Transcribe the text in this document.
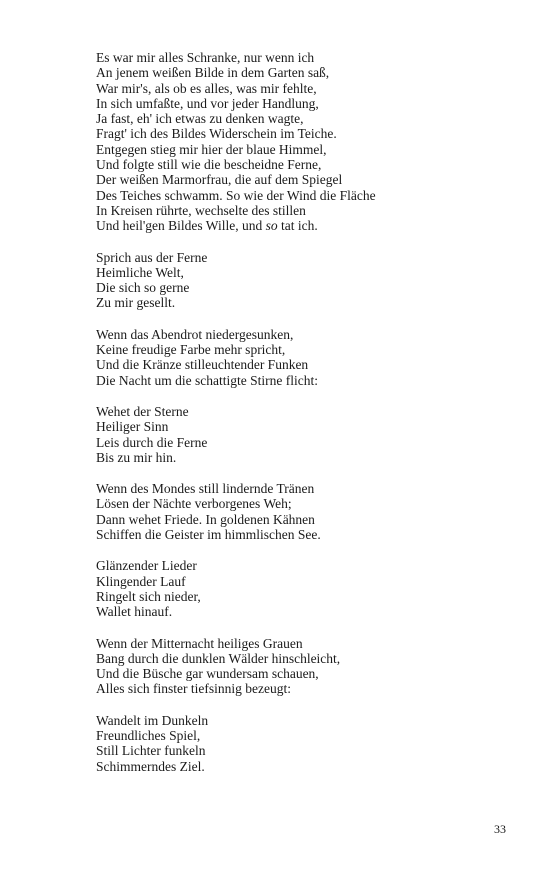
Es war mir alles Schranke, nur wenn ich
An jenem weißen Bilde in dem Garten saß,
War mir's, als ob es alles, was mir fehlte,
In sich umfaßte, und vor jeder Handlung,
Ja fast, eh' ich etwas zu denken wagte,
Fragt' ich des Bildes Widerschein im Teiche.
Entgegen stieg mir hier der blaue Himmel,
Und folgte still wie die bescheidne Ferne,
Der weißen Marmorfrau, die auf dem Spiegel
Des Teiches schwamm. So wie der Wind die Fläche
In Kreisen rührte, wechselte des stillen
Und heil'gen Bildes Wille, und so tat ich.
Sprich aus der Ferne
Heimliche Welt,
Die sich so gerne
Zu mir gesellt.
Wenn das Abendrot niedergesunken,
Keine freudige Farbe mehr spricht,
Und die Kränze stilleuchtender Funken
Die Nacht um die schattigte Stirne flicht:
Wehet der Sterne
Heiliger Sinn
Leis durch die Ferne
Bis zu mir hin.
Wenn des Mondes still lindernde Tränen
Lösen der Nächte verborgenes Weh;
Dann wehet Friede. In goldenen Kähnen
Schiffen die Geister im himmlischen See.
Glänzender Lieder
Klingender Lauf
Ringelt sich nieder,
Wallet hinauf.
Wenn der Mitternacht heiliges Grauen
Bang durch die dunklen Wälder hinschleicht,
Und die Büsche gar wundersam schauen,
Alles sich finster tiefsinnig bezeugt:
Wandelt im Dunkeln
Freundliches Spiel,
Still Lichter funkeln
Schimmerndes Ziel.
33
